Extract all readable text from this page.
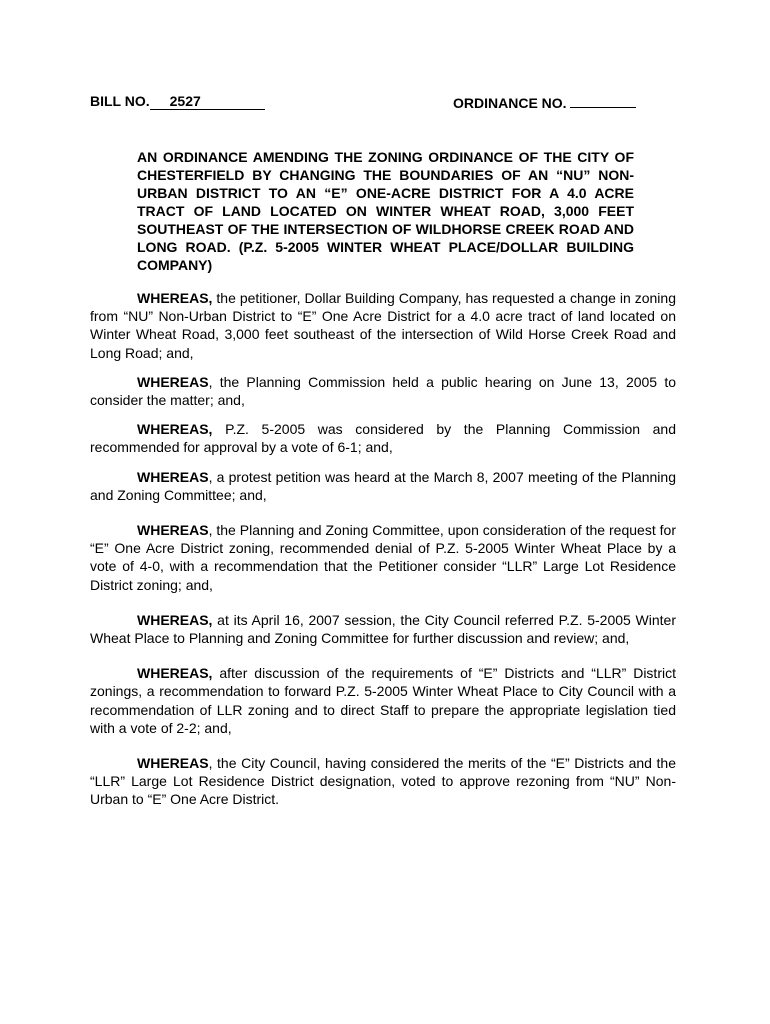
BILL NO. 2527	ORDINANCE NO.
AN ORDINANCE AMENDING THE ZONING ORDINANCE OF THE CITY OF CHESTERFIELD BY CHANGING THE BOUNDARIES OF AN “NU” NON-URBAN DISTRICT TO AN “E” ONE-ACRE DISTRICT FOR A 4.0 ACRE TRACT OF LAND LOCATED ON WINTER WHEAT ROAD, 3,000 FEET SOUTHEAST OF THE INTERSECTION OF WILDHORSE CREEK ROAD AND LONG ROAD. (P.Z. 5-2005 WINTER WHEAT PLACE/DOLLAR BUILDING COMPANY)

WHEREAS, the petitioner, Dollar Building Company, has requested a change in zoning from “NU” Non-Urban District to “E” One Acre District for a 4.0 acre tract of land located on Winter Wheat Road, 3,000 feet southeast of the intersection of Wild Horse Creek Road and Long Road; and,

WHEREAS, the Planning Commission held a public hearing on June 13, 2005 to consider the matter; and,

WHEREAS, P.Z. 5-2005 was considered by the Planning Commission and recommended for approval by a vote of 6-1; and,

WHEREAS, a protest petition was heard at the March 8, 2007 meeting of the Planning and Zoning Committee; and,

WHEREAS, the Planning and Zoning Committee, upon consideration of the request for “E” One Acre District zoning, recommended denial of P.Z. 5-2005 Winter Wheat Place by a vote of 4-0, with a recommendation that the Petitioner consider “LLR” Large Lot Residence District zoning; and,

WHEREAS, at its April 16, 2007 session, the City Council referred P.Z. 5-2005 Winter Wheat Place to Planning and Zoning Committee for further discussion and review; and,

WHEREAS, after discussion of the requirements of “E” Districts and “LLR” District zonings, a recommendation to forward P.Z. 5-2005 Winter Wheat Place to City Council with a recommendation of LLR zoning and to direct Staff to prepare the appropriate legislation tied with a vote of 2-2; and,

WHEREAS, the City Council, having considered the merits of the “E” Districts and the “LLR” Large Lot Residence District designation, voted to approve rezoning from “NU” Non-Urban to “E” One Acre District.
